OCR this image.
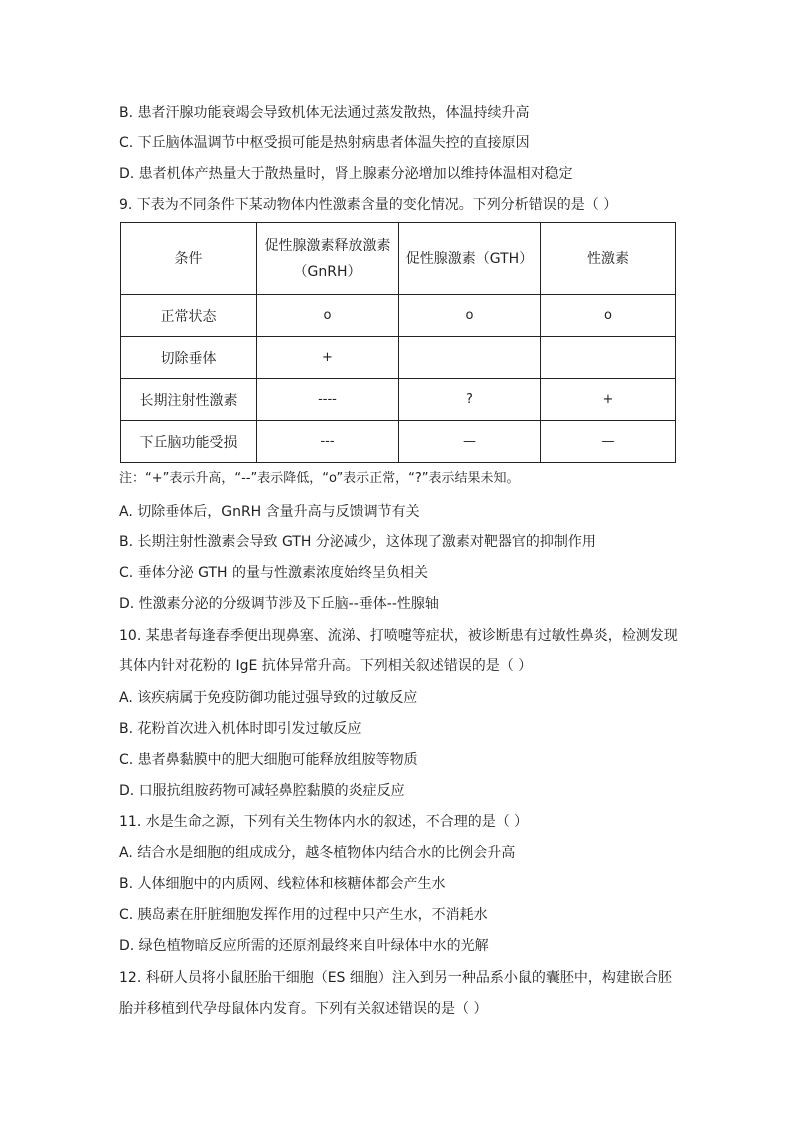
B. 患者汗腺功能衰竭会导致机体无法通过蒸发散热，体温持续升高
C. 下丘脑体温调节中枢受损可能是热射病患者体温失控的直接原因
D. 患者机体产热量大于散热量时，肾上腺素分泌增加以维持体温相对稳定
9. 下表为不同条件下某动物体内性激素含量的变化情况。下列分析错误的是（ ）
条件	促性腺激素释放激素（GnRH）	促性腺激素（GTH）	性激素
正常状态	o	o	o
切除垂体	+		
长期注射性激素	----	?	+
下丘脑功能受损	---	—	—
注：“+”表示升高，“--”表示降低，“o”表示正常，“?”表示结果未知。
A. 切除垂体后，GnRH 含量升高与反馈调节有关
B. 长期注射性激素会导致 GTH 分泌减少，这体现了激素对靶器官的抑制作用
C. 垂体分泌 GTH 的量与性激素浓度始终呈负相关
D. 性激素分泌的分级调节涉及下丘脑--垂体--性腺轴
10. 某患者每逢春季便出现鼻塞、流涕、打喷嚏等症状，被诊断患有过敏性鼻炎，检测发现
其体内针对花粉的 IgE 抗体异常升高。下列相关叙述错误的是（ ）
A. 该疾病属于免疫防御功能过强导致的过敏反应
B. 花粉首次进入机体时即引发过敏反应
C. 患者鼻黏膜中的肥大细胞可能释放组胺等物质
D. 口服抗组胺药物可减轻鼻腔黏膜的炎症反应
11. 水是生命之源，下列有关生物体内水的叙述，不合理的是（ ）
A. 结合水是细胞的组成成分，越冬植物体内结合水的比例会升高
B. 人体细胞中的内质网、线粒体和核糖体都会产生水
C. 胰岛素在肝脏细胞发挥作用的过程中只产生水，不消耗水
D. 绿色植物暗反应所需的还原剂最终来自叶绿体中水的光解
12. 科研人员将小鼠胚胎干细胞（ES 细胞）注入到另一种品系小鼠的囊胚中，构建嵌合胚
胎并移植到代孕母鼠体内发育。下列有关叙述错误的是（ ）
